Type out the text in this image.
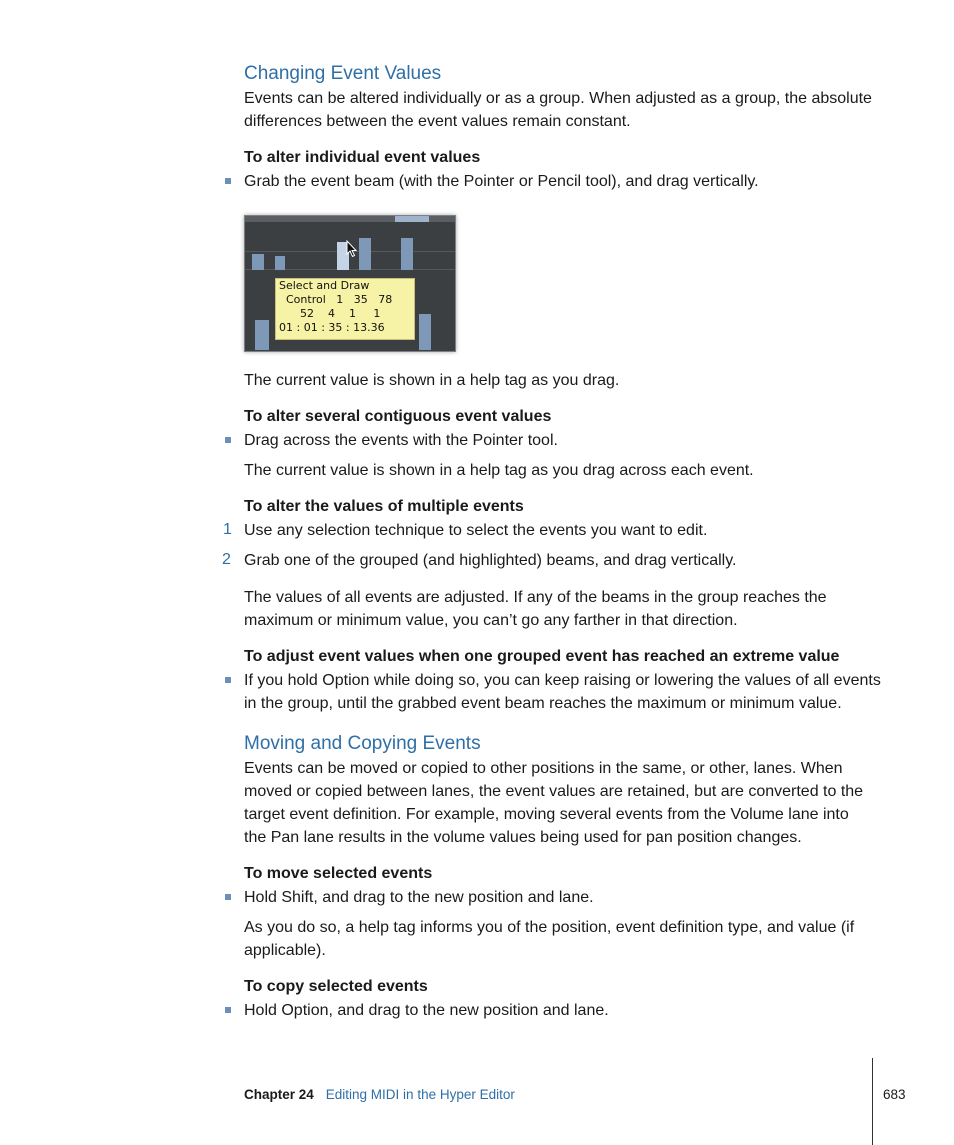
Changing Event Values
Events can be altered individually or as a group. When adjusted as a group, the absolute
differences between the event values remain constant.
To alter individual event values
Grab the event beam (with the Pointer or Pencil tool), and drag vertically.
Select and Draw
Control   1   35   78
52    4    1     1
01 : 01 : 35 : 13.36
The current value is shown in a help tag as you drag.
To alter several contiguous event values
Drag across the events with the Pointer tool.
The current value is shown in a help tag as you drag across each event.
To alter the values of multiple events
1 Use any selection technique to select the events you want to edit.
2 Grab one of the grouped (and highlighted) beams, and drag vertically.
The values of all events are adjusted. If any of the beams in the group reaches the
maximum or minimum value, you can’t go any farther in that direction.
To adjust event values when one grouped event has reached an extreme value
If you hold Option while doing so, you can keep raising or lowering the values of all events
in the group, until the grabbed event beam reaches the maximum or minimum value.
Moving and Copying Events
Events can be moved or copied to other positions in the same, or other, lanes. When
moved or copied between lanes, the event values are retained, but are converted to the
target event definition. For example, moving several events from the Volume lane into
the Pan lane results in the volume values being used for pan position changes.
To move selected events
Hold Shift, and drag to the new position and lane.
As you do so, a help tag informs you of the position, event definition type, and value (if
applicable).
To copy selected events
Hold Option, and drag to the new position and lane.
Chapter 24 Editing MIDI in the Hyper Editor	683
